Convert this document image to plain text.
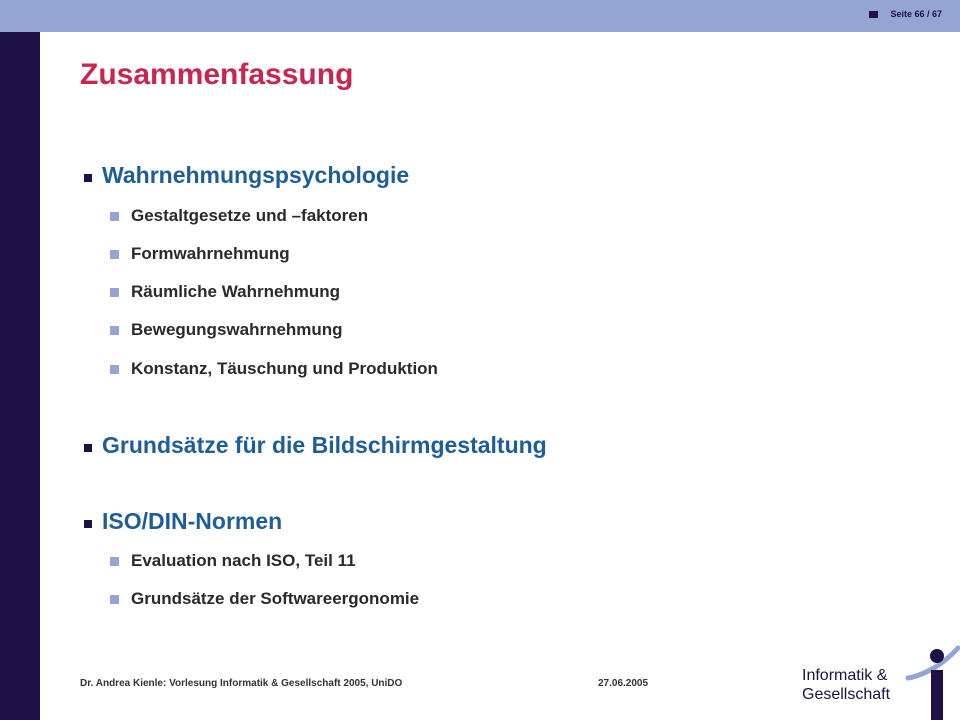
Seite 66 / 67
Zusammenfassung
Wahrnehmungspsychologie
Gestaltgesetze und –faktoren
Formwahrnehmung
Räumliche Wahrnehmung
Bewegungswahrnehmung
Konstanz, Täuschung und Produktion
Grundsätze für die Bildschirmgestaltung
ISO/DIN-Normen
Evaluation nach ISO, Teil 11
Grundsätze der Softwareergonomie
Dr. Andrea Kienle: Vorlesung Informatik & Gesellschaft 2005, UniDO	27.06.2005	Informatik &
Gesellschaft
